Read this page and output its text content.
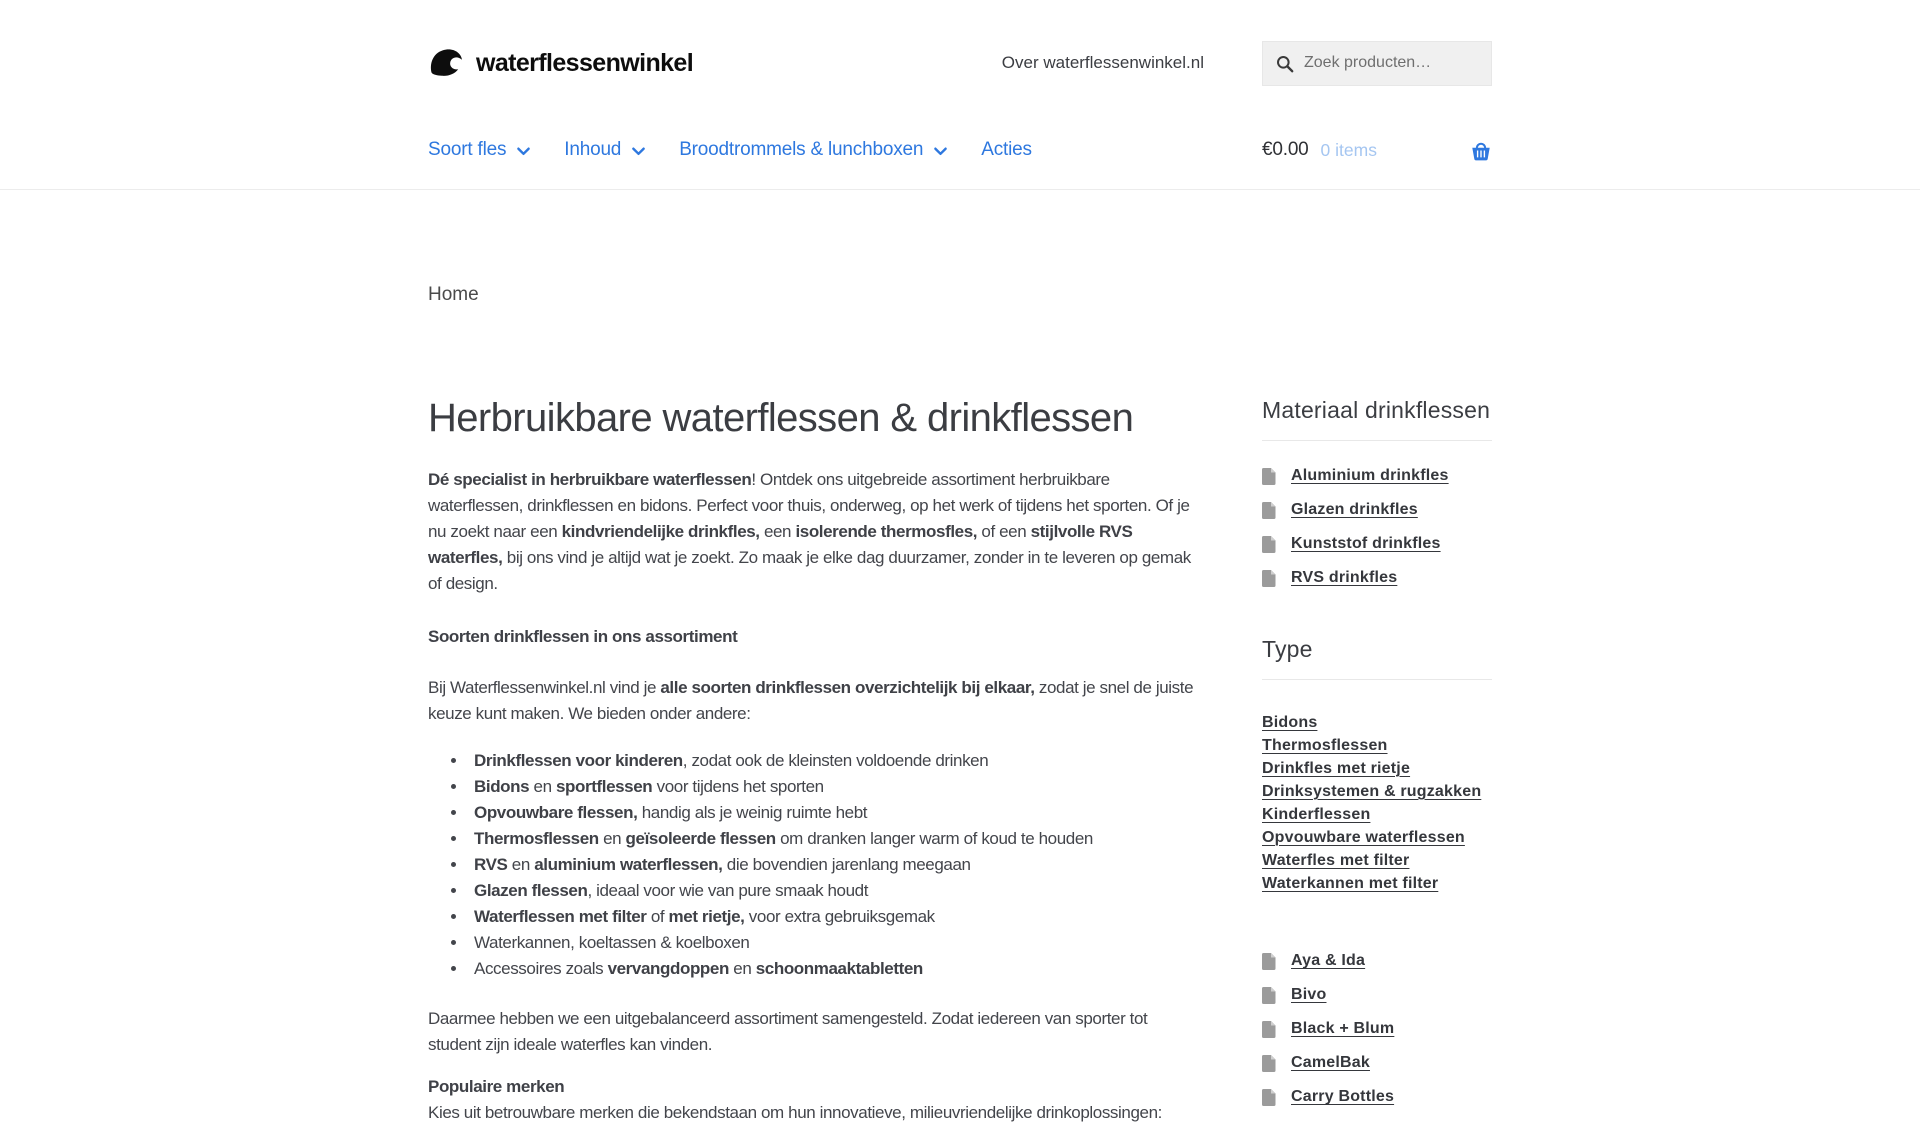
waterflessenwinkel	Over waterflessenwinkel.nl
Zoek producten…
Soort fles	Inhoud	Broodtrommels & lunchboxen	Acties	€0.00 0 items
Home
Herbruikbare waterflessen & drinkflessen

Dé specialist in herbruikbare waterflessen! Ontdek ons uitgebreide assortiment herbruikbare waterflessen, drinkflessen en bidons. Perfect voor thuis, onderweg, op het werk of tijdens het sporten. Of je nu zoekt naar een kindvriendelijke drinkfles, een isolerende thermosfles, of een stijlvolle RVS waterfles, bij ons vind je altijd wat je zoekt. Zo maak je elke dag duurzamer, zonder in te leveren op gemak of design.

Soorten drinkflessen in ons assortiment

Bij Waterflessenwinkel.nl vind je alle soorten drinkflessen overzichtelijk bij elkaar, zodat je snel de juiste keuze kunt maken. We bieden onder andere:

• Drinkflessen voor kinderen, zodat ook de kleinsten voldoende drinken
• Bidons en sportflessen voor tijdens het sporten
• Opvouwbare flessen, handig als je weinig ruimte hebt
• Thermosflessen en geïsoleerde flessen om dranken langer warm of koud te houden
• RVS en aluminium waterflessen, die bovendien jarenlang meegaan
• Glazen flessen, ideaal voor wie van pure smaak houdt
• Waterflessen met filter of met rietje, voor extra gebruiksgemak
• Waterkannen, koeltassen & koelboxen
• Accessoires zoals vervangdoppen en schoonmaaktabletten

Daarmee hebben we een uitgebalanceerd assortiment samengesteld. Zodat iedereen van sporter tot student zijn ideale waterfles kan vinden.

Populaire merken

Kies uit betrouwbare merken die bekendstaan om hun innovatieve, milieuvriendelijke drinkoplossingen:

Materiaal drinkflessen
Aluminium drinkfles
Glazen drinkfles
Kunststof drinkfles
RVS drinkfles
Type
Bidons
Thermosflessen
Drinkfles met rietje
Drinksystemen & rugzakken
Kinderflessen
Opvouwbare waterflessen
Waterfles met filter
Waterkannen met filter
Aya & Ida
Bivo
Black + Blum
CamelBak
Carry Bottles
